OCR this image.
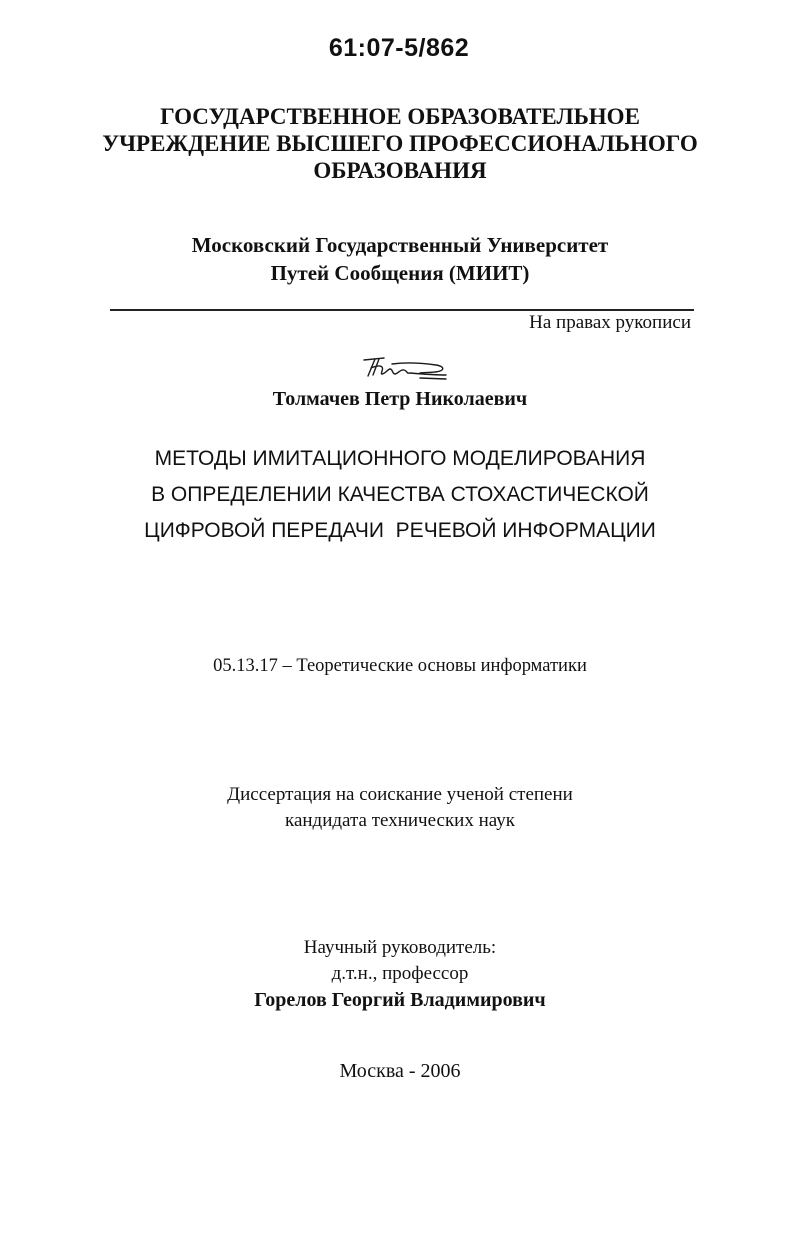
61:07-5/862
ГОСУДАРСТВЕННОЕ ОБРАЗОВАТЕЛЬНОЕ
УЧРЕЖДЕНИЕ ВЫСШЕГО ПРОФЕССИОНАЛЬНОГО
ОБРАЗОВАНИЯ
Московский Государственный Университет
Путей Сообщения (МИИТ)
На правах рукописи
Толмачев Петр Николаевич
МЕТОДЫ ИМИТАЦИОННОГО МОДЕЛИРОВАНИЯ
В ОПРЕДЕЛЕНИИ КАЧЕСТВА СТОХАСТИЧЕСКОЙ
ЦИФРОВОЙ ПЕРЕДАЧИ  РЕЧЕВОЙ ИНФОРМАЦИИ
05.13.17 – Теоретические основы информатики
Диссертация на соискание ученой степени
кандидата технических наук
Научный руководитель:
д.т.н., профессор
Горелов Георгий Владимирович
Москва - 2006
